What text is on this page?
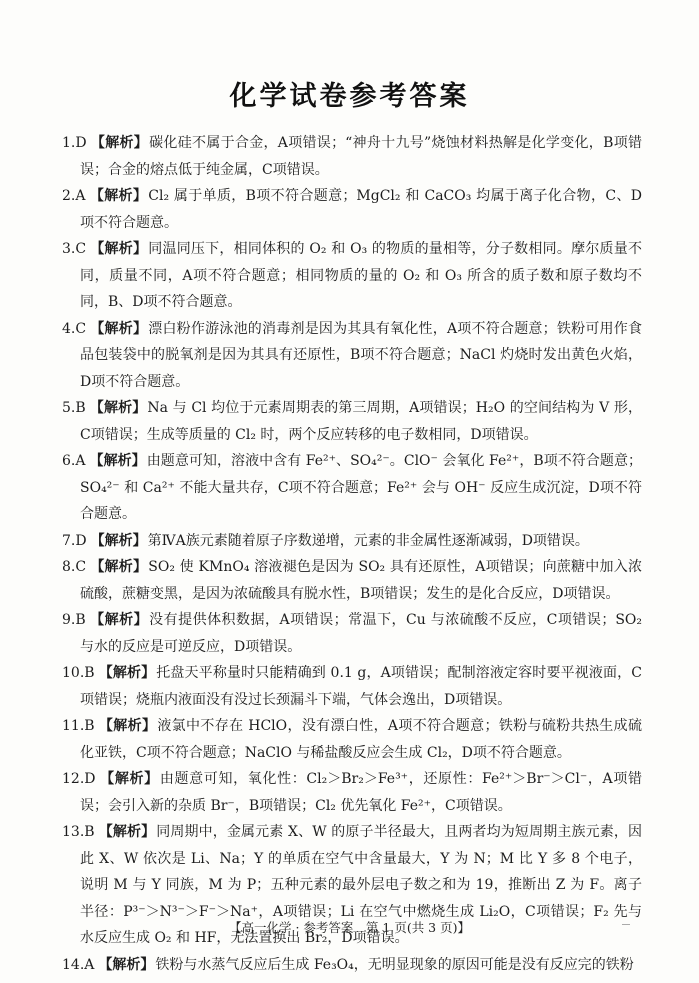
化学试卷参考答案

1.D 【解析】碳化硅不属于合金，A项错误；“神舟十九号”烧蚀材料热解是化学变化，B项错误；合金的熔点低于纯金属，C项错误。

2.A 【解析】Cl₂ 属于单质，B项不符合题意；MgCl₂ 和 CaCO₃ 均属于离子化合物，C、D项不符合题意。

3.C 【解析】同温同压下，相同体积的 O₂ 和 O₃ 的物质的量相等，分子数相同。摩尔质量不同，质量不同，A项不符合题意；相同物质的量的 O₂ 和 O₃ 所含的质子数和原子数均不同，B、D项不符合题意。

4.C 【解析】漂白粉作游泳池的消毒剂是因为其具有氧化性，A项不符合题意；铁粉可用作食品包装袋中的脱氧剂是因为其具有还原性，B项不符合题意；NaCl 灼烧时发出黄色火焰，D项不符合题意。

5.B 【解析】Na 与 Cl 均位于元素周期表的第三周期，A项错误；H₂O 的空间结构为 V 形，C项错误；生成等质量的 Cl₂ 时，两个反应转移的电子数相同，D项错误。

6.A 【解析】由题意可知，溶液中含有 Fe²⁺、SO₄²⁻。ClO⁻ 会氧化 Fe²⁺，B项不符合题意；SO₄²⁻ 和 Ca²⁺ 不能大量共存，C项不符合题意；Fe²⁺ 会与 OH⁻ 反应生成沉淀，D项不符合题意。

7.D 【解析】第ⅣA族元素随着原子序数递增，元素的非金属性逐渐减弱，D项错误。

8.C 【解析】SO₂ 使 KMnO₄ 溶液褪色是因为 SO₂ 具有还原性，A项错误；向蔗糖中加入浓硫酸，蔗糖变黑，是因为浓硫酸具有脱水性，B项错误；发生的是化合反应，D项错误。

9.B 【解析】没有提供体积数据，A项错误；常温下，Cu 与浓硫酸不反应，C项错误；SO₂ 与水的反应是可逆反应，D项错误。

10.B 【解析】托盘天平称量时只能精确到 0.1 g，A项错误；配制溶液定容时要平视液面，C项错误；烧瓶内液面没有没过长颈漏斗下端，气体会逸出，D项错误。

11.B 【解析】液氯中不存在 HClO，没有漂白性，A项不符合题意；铁粉与硫粉共热生成硫化亚铁，C项不符合题意；NaClO 与稀盐酸反应会生成 Cl₂，D项不符合题意。

12.D 【解析】由题意可知，氧化性：Cl₂＞Br₂＞Fe³⁺，还原性：Fe²⁺＞Br⁻＞Cl⁻，A项错误；会引入新的杂质 Br⁻，B项错误；Cl₂ 优先氧化 Fe²⁺，C项错误。

13.B 【解析】同周期中，金属元素 X、W 的原子半径最大，且两者均为短周期主族元素，因此 X、W 依次是 Li、Na；Y 的单质在空气中含量最大，Y 为 N；M 比 Y 多 8 个电子，说明 M 与 Y 同族，M 为 P；五种元素的最外层电子数之和为 19，推断出 Z 为 F。离子半径：P³⁻＞N³⁻＞F⁻＞Na⁺，A项错误；Li 在空气中燃烧生成 Li₂O，C项错误；F₂ 先与水反应生成 O₂ 和 HF，无法置换出 Br₂，D项错误。

14.A 【解析】铁粉与水蒸气反应后生成 Fe₃O₄，无明显现象的原因可能是没有反应完的铁粉

【高一化学 · 参考答案　第 1 页(共 3 页)】
